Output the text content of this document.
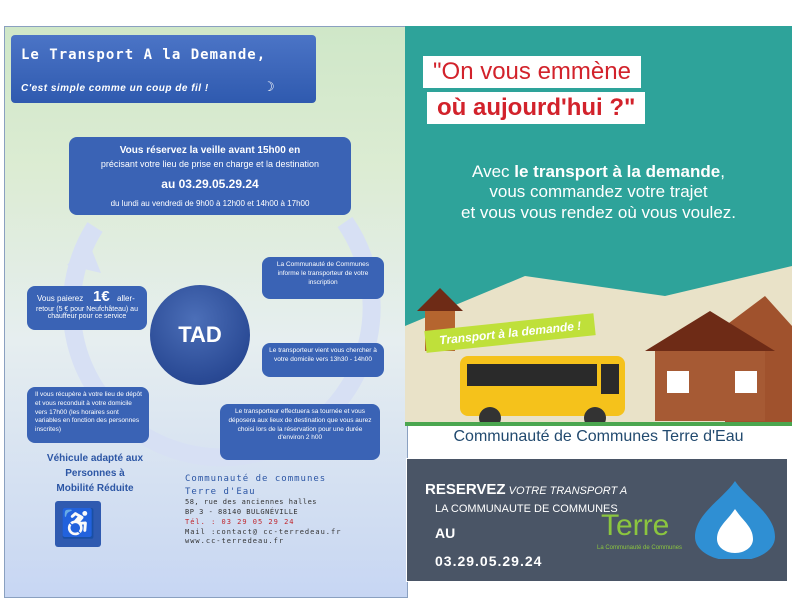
Le Transport A la Demande,
C'est simple comme un coup de fil !	☽
Vous réservez la veille avant 15h00 en
précisant votre lieu de prise en charge et la destination
au 03.29.05.29.24
du lundi au vendredi de 9h00 à 12h00 et 14h00 à 17h00
La Communauté de Communes informe le transporteur de votre inscription
Le transporteur vient vous chercher à votre domicile vers 13h30 - 14h00
Le transporteur effectuera sa tournée et vous déposera aux lieux de destination que vous aurez choisi lors de la réservation pour une durée d'environ 2 h00
Il vous récupère à votre lieu de dépôt et vous reconduit à votre domicile vers 17h00 (les horaires sont variables en fonction des personnes inscrites)
Vous paierez 1€ aller-
retour (5 € pour Neufchâteau) au chauffeur pour ce service
TAD
Véhicule adapté aux Personnes à Mobilité Réduite
♿
Communauté de communes
Terre d'Eau
58, rue des anciennes halles
BP 3 - 88140 BULGNÉVILLE
Tél. : 03 29 05 29 24
Mail :contact@ cc-terredeau.fr
www.cc-terredeau.fr
"On vous emmène
où aujourd'hui ?"
Avec le transport à la demande,
vous commandez votre trajet
et vous vous rendez où vous voulez.
Transport à la demande !
Communauté de Communes Terre d'Eau
RESERVEZ VOTRE TRANSPORT A
LA COMMUNAUTE DE COMMUNES
AU
03.29.05.29.24
Terre
La Communauté de Communes
